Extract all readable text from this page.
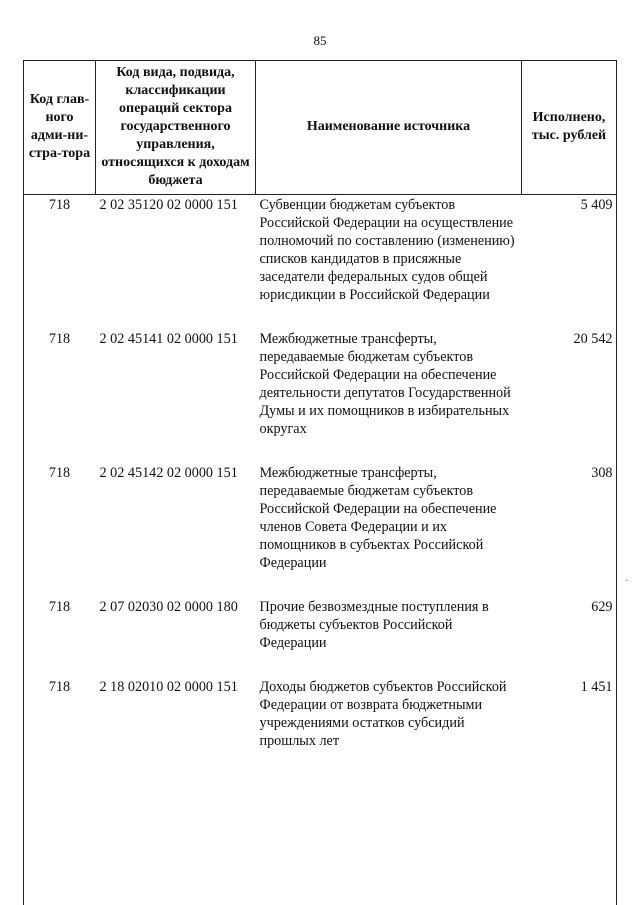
85
Код глав-ного адми-ни-стра-тора	Код вида, подвида, классификации операций сектора государственного управления, относящихся к доходам бюджета	Наименование источника	Исполнено, тыс. рублей
718	2 02 35120 02 0000 151	Субвенции бюджетам субъектов Российской Федерации на осуществление полномочий по составлению (изменению) списков кандидатов в присяжные заседатели федеральных судов общей юрисдикции в Российской Федерации	5 409
718	2 02 45141 02 0000 151	Межбюджетные трансферты, передаваемые бюджетам субъектов Российской Федерации на обеспечение деятельности депутатов Государственной Думы и их помощников в избирательных округах	20 542
718	2 02 45142 02 0000 151	Межбюджетные трансферты, передаваемые бюджетам субъектов Российской Федерации на обеспечение членов Совета Федерации и их помощников в субъектах Российской Федерации	308
718	2 07 02030 02 0000 180	Прочие безвозмездные поступления в бюджеты субъектов Российской Федерации	629
718	2 18 02010 02 0000 151	Доходы бюджетов субъектов Российской Федерации от возврата бюджетными учреждениями остатков субсидий прошлых лет	1 451
·
